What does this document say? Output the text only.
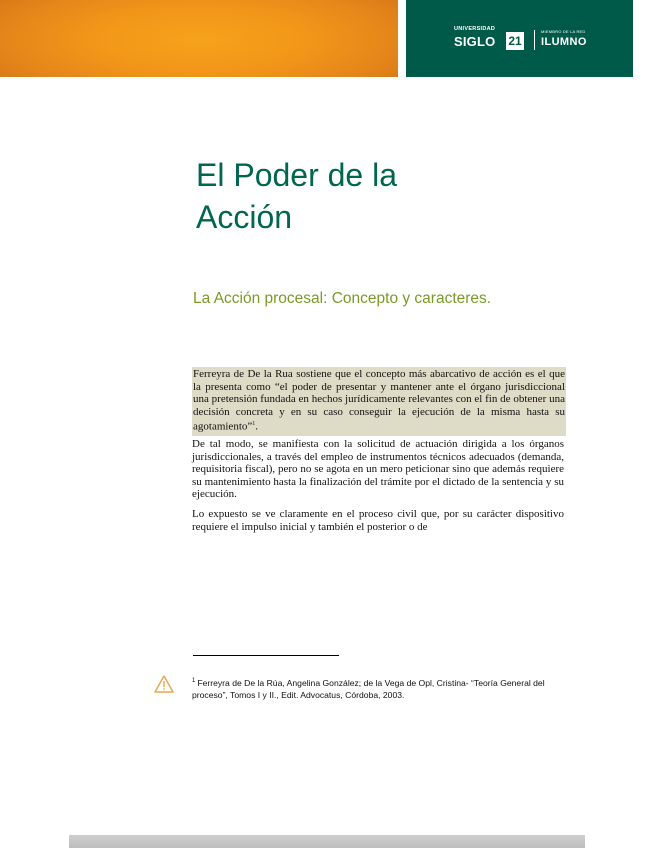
UNIVERSIDAD
SIGLO 21
MIEMBRO DE LA RED
ILUMNO
El Poder de la
Acción
La Acción procesal: Concepto y caracteres.

Ferreyra de De la Rua sostiene que el concepto más abarcativo de acción es el que la presenta como “el poder de presentar y mantener ante el órgano jurisdiccional una pretensión fundada en hechos jurídicamente relevantes con el fin de obtener una decisión concreta y en su caso conseguir la ejecución de la misma hasta su agotamiento”$^1$.

De tal modo, se manifiesta con la solicitud de actuación dirigida a los órganos jurisdiccionales, a través del empleo de instrumentos técnicos adecuados (demanda, requisitoria fiscal), pero no se agota en un mero peticionar sino que además requiere su mantenimiento hasta la finalización del trámite por el dictado de la sentencia y su ejecución.

Lo expuesto se ve claramente en el proceso civil que, por su carácter dispositivo requiere el impulso inicial y también el posterior o de

$^1$ Ferreyra de De la Rúa, Angelina González; de la Vega de Opl, Cristina- “Teoría General del proceso”, Tomos I y II., Edit. Advocatus, Córdoba, 2003.
